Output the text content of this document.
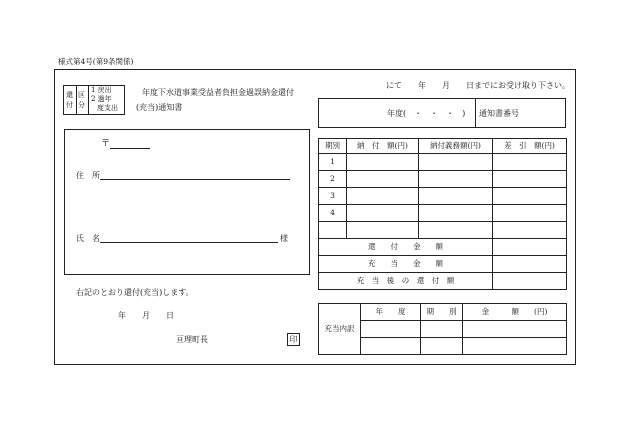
様式第4号(第9条関係)
還付
区分
1 戻出
2 過年
度支出
年度下水道事業受益者負担金過誤納金還付
(充当)通知書
にて　　年　　月　　日までにお受け取り下さい。
年度(　・　・　・　) 通知書番号
〒
住　所
氏　名	様
期別	納　付　額(円)	納付義務額(円)	差　引　額(円)
1			
2			
3			
4			

還　　付　　金　　額			
充　　当　　金　　額			
充　当　後　の　還　付　額			
右記のとおり還付(充当)します。
年　　月　　日
亘理町長	印
充当内訳	年　　度	期　　別	金　　　額　　(円)
